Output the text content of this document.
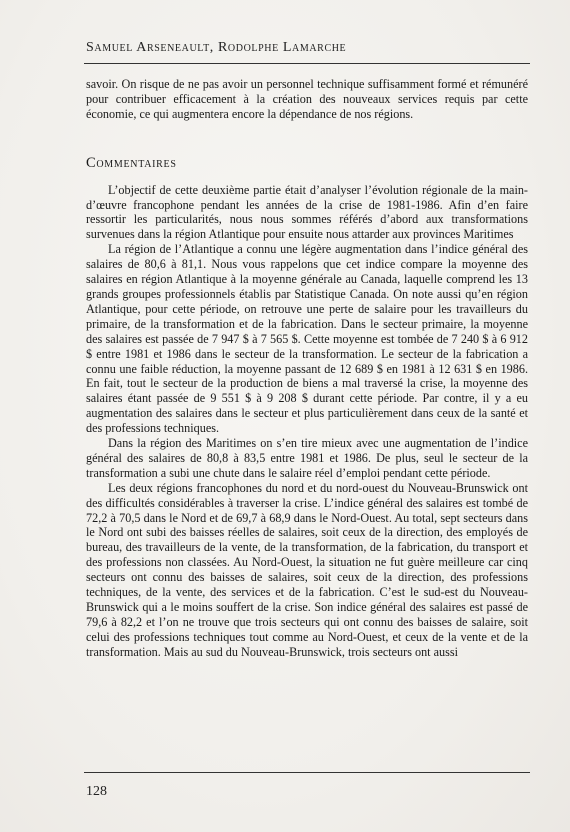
Samuel Arseneault, Rodolphe Lamarche

savoir. On risque de ne pas avoir un personnel technique suffisamment formé et rémunéré pour contribuer efficacement à la création des nouveaux services requis par cette économie, ce qui augmentera encore la dépendance de nos régions.

Commentaires

L’objectif de cette deuxième partie était d’analyser l’évolution régionale de la main-d’œuvre francophone pendant les années de la crise de 1981-1986. Afin d’en faire ressortir les particularités, nous nous sommes référés d’abord aux transformations survenues dans la région Atlantique pour ensuite nous attarder aux provinces Maritimes

La région de l’Atlantique a connu une légère augmentation dans l’indice général des salaires de 80,6 à 81,1. Nous vous rappelons que cet indice compare la moyenne des salaires en région Atlantique à la moyenne générale au Canada, laquelle comprend les 13 grands groupes professionnels établis par Statistique Canada. On note aussi qu’en région Atlantique, pour cette période, on retrouve une perte de salaire pour les travailleurs du primaire, de la transformation et de la fabrication. Dans le secteur primaire, la moyenne des salaires est passée de 7 947 $ à 7 565 $. Cette moyenne est tombée de 7 240 $ à 6 912 $ entre 1981 et 1986 dans le secteur de la transformation. Le secteur de la fabrication a connu une faible réduction, la moyenne passant de 12 689 $ en 1981 à 12 631 $ en 1986. En fait, tout le secteur de la production de biens a mal traversé la crise, la moyenne des salaires étant passée de 9 551 $ à 9 208 $ durant cette période. Par contre, il y a eu augmentation des salaires dans le secteur et plus particulièrement dans ceux de la santé et des professions techniques.

Dans la région des Maritimes on s’en tire mieux avec une augmentation de l’indice général des salaires de 80,8 à 83,5 entre 1981 et 1986. De plus, seul le secteur de la transformation a subi une chute dans le salaire réel d’emploi pendant cette période.

Les deux régions francophones du nord et du nord-ouest du Nouveau-Brunswick ont des difficultés considérables à traverser la crise. L’indice général des salaires est tombé de 72,2 à 70,5 dans le Nord et de 69,7 à 68,9 dans le Nord-Ouest. Au total, sept secteurs dans le Nord ont subi des baisses réelles de salaires, soit ceux de la direction, des employés de bureau, des travailleurs de la vente, de la transformation, de la fabrication, du transport et des professions non classées. Au Nord-Ouest, la situation ne fut guère meilleure car cinq secteurs ont connu des baisses de salaires, soit ceux de la direction, des professions techniques, de la vente, des services et de la fabrication. C’est le sud-est du Nouveau-Brunswick qui a le moins souffert de la crise. Son indice général des salaires est passé de 79,6 à 82,2 et l’on ne trouve que trois secteurs qui ont connu des baisses de salaire, soit celui des professions techniques tout comme au Nord-Ouest, et ceux de la vente et de la transformation. Mais au sud du Nouveau-Brunswick, trois secteurs ont aussi

128
